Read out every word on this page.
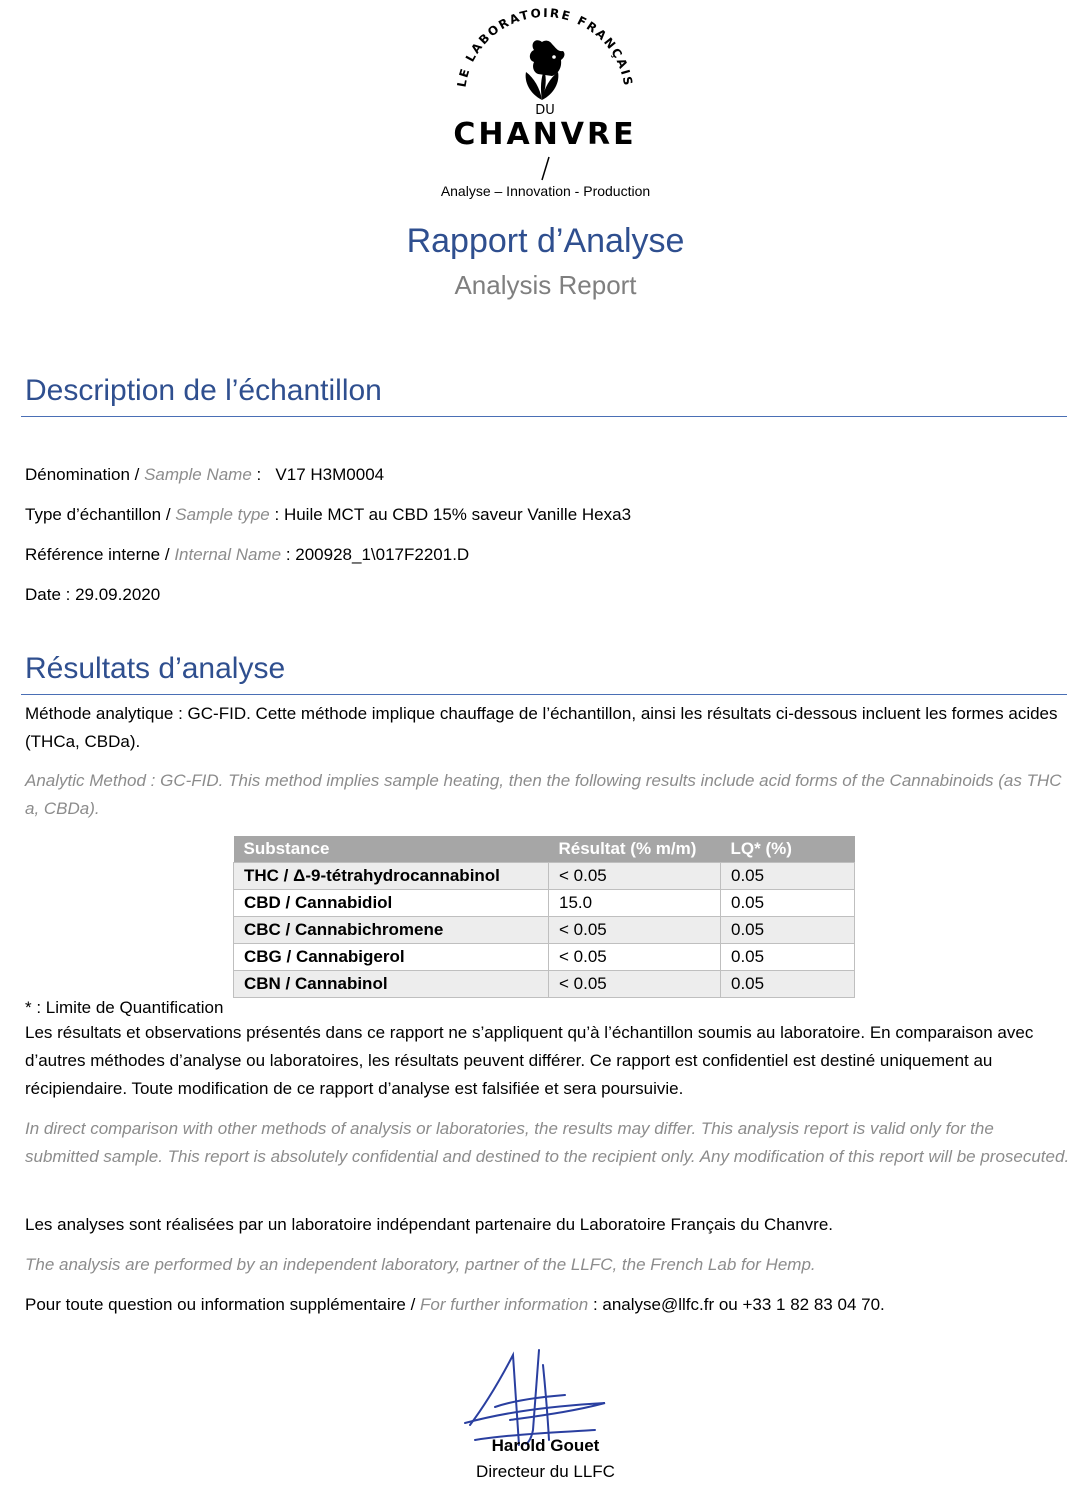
LE LABORATOIRE FRANÇAIS
DU
CHANVRE
Analyse – Innovation - Production
Rapport d’Analyse
Analysis Report
Description de l’échantillon
Dénomination / Sample Name :   V17 H3M0004
Type d’échantillon / Sample type : Huile MCT au CBD 15% saveur Vanille Hexa3
Référence interne / Internal Name : 200928_1\017F2201.D
Date : 29.09.2020
Résultats d’analyse
Méthode analytique : GC-FID. Cette méthode implique chauffage de l’échantillon, ainsi les résultats ci-dessous incluent les formes acides (THCa, CBDa).
Analytic Method : GC-FID. This method implies sample heating, then the following results include acid forms of the Cannabinoids (as THC a, CBDa).
Substance	Résultat (% m/m)	LQ* (%)
THC / Δ-9-tétrahydrocannabinol	< 0.05	0.05
CBD / Cannabidiol	15.0	0.05
CBC / Cannabichromene	< 0.05	0.05
CBG / Cannabigerol	< 0.05	0.05
CBN / Cannabinol	< 0.05	0.05
* : Limite de Quantification
Les résultats et observations présentés dans ce rapport ne s’appliquent qu’à l’échantillon soumis au laboratoire. En comparaison avec d’autres méthodes d’analyse ou laboratoires, les résultats peuvent différer. Ce rapport est confidentiel est destiné uniquement au récipiendaire. Toute modification de ce rapport d’analyse est falsifiée et sera poursuivie.
In direct comparison with other methods of analysis or laboratories, the results may differ. This analysis report is valid only for the submitted sample. This report is absolutely confidential and destined to the recipient only. Any modification of this report will be prosecuted.
Les analyses sont réalisées par un laboratoire indépendant partenaire du Laboratoire Français du Chanvre.
The analysis are performed by an independent laboratory, partner of the LLFC, the French Lab for Hemp.
Pour toute question ou information supplémentaire / For further information : analyse@llfc.fr ou +33 1 82 83 04 70.
Harold Gouet
Directeur du LLFC
